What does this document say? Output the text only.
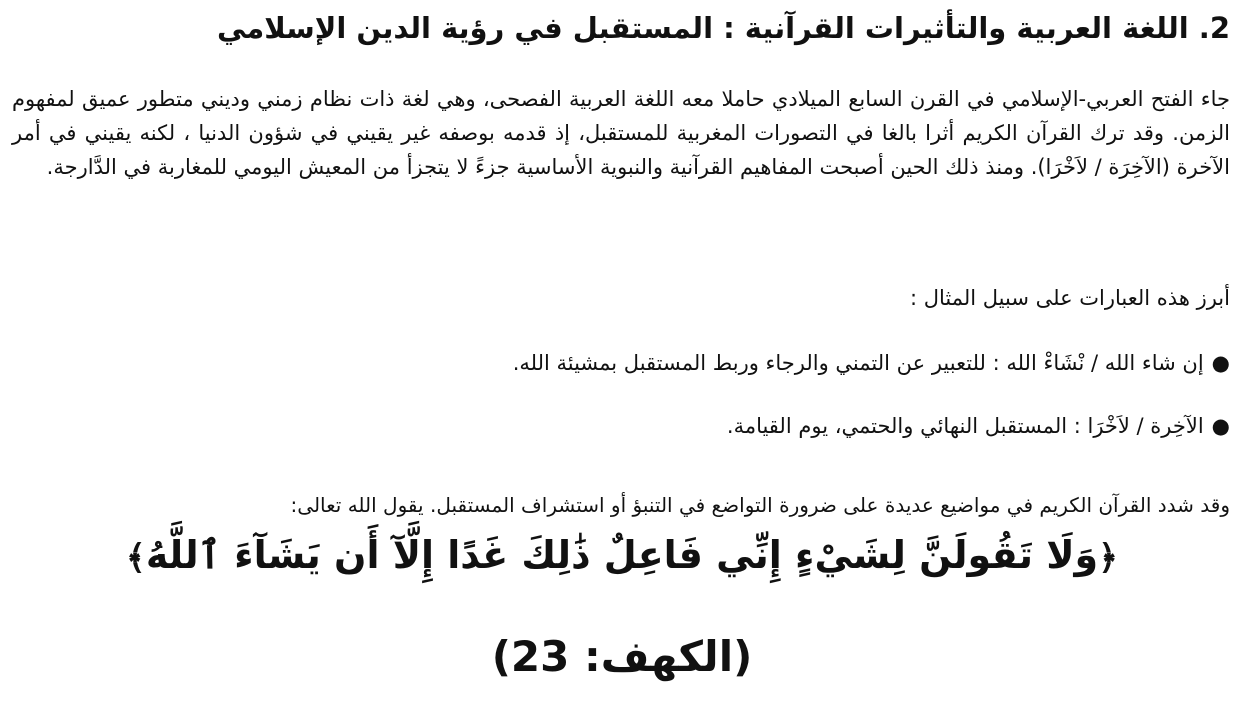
2. اللغة العربية والتأثيرات القرآنية : المستقبل في رؤية الدين الإسلامي

جاء الفتح العربي-الإسلامي في القرن السابع الميلادي حاملا معه اللغة العربية الفصحى، وهي لغة ذات نظام زمني وديني متطور عميق لمفهوم الزمن. وقد ترك القرآن الكريم أثرا بالغا في التصورات المغربية للمستقبل، إذ قدمه بوصفه غير يقيني في شؤون الدنيا ، لكنه يقيني في أمر الآخرة (الآخِرَة / لاَخْرَا). ومنذ ذلك الحين أصبحت المفاهيم القرآنية والنبوية الأساسية جزءً لا يتجزأ من المعيش اليومي للمغاربة في الدَّارجة.

أبرز هذه العبارات على سبيل المثال :

●إن شاء الله / نْشَاءْ الله : للتعبير عن التمني والرجاء وربط المستقبل بمشيئة الله.
●الآخِرة / لاَخْرَا : المستقبل النهائي والحتمي، يوم القيامة.

وقد شدد القرآن الكريم في مواضيع عديدة على ضرورة التواضع في التنبؤ أو استشراف المستقبل. يقول الله تعالى:

﴿وَلَا تَقُولَنَّ لِشَيْءٍ إِنِّي فَاعِلٌ ذَٰلِكَ غَدًا إِلَّآ أَن يَشَآءَ ٱللَّهُ﴾

(الكهف: 23)
